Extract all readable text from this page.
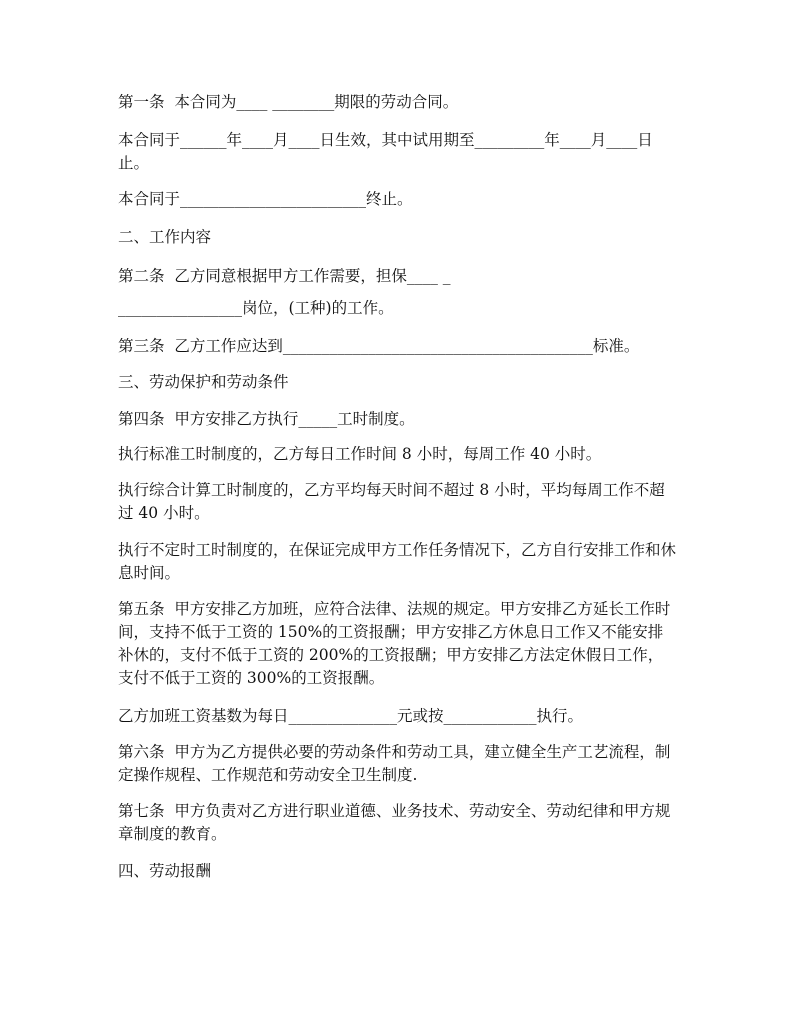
第一条  本合同为____ ________期限的劳动合同。

本合同于______年____月____日生效，其中试用期至_________年____月____日止。

本合同于________________________终止。

二、工作内容

第二条  乙方同意根据甲方工作需要，担保____ _

________________岗位，(工种)的工作。

第三条  乙方工作应达到________________________________________标准。

三、劳动保护和劳动条件

第四条  甲方安排乙方执行_____工时制度。

执行标准工时制度的，乙方每日工作时间 8 小时，每周工作 40 小时。

执行综合计算工时制度的，乙方平均每天时间不超过 8 小时，平均每周工作不超过 40 小时。

执行不定时工时制度的，在保证完成甲方工作任务情况下，乙方自行安排工作和休息时间。

第五条  甲方安排乙方加班，应符合法律、法规的规定。甲方安排乙方延长工作时间，支持不低于工资的 150%的工资报酬；甲方安排乙方休息日工作又不能安排补休的，支付不低于工资的 200%的工资报酬；甲方安排乙方法定休假日工作，支付不低于工资的 300%的工资报酬。

乙方加班工资基数为每日______________元或按____________执行。

第六条  甲方为乙方提供必要的劳动条件和劳动工具，建立健全生产工艺流程，制定操作规程、工作规范和劳动安全卫生制度.

第七条  甲方负责对乙方进行职业道德、业务技术、劳动安全、劳动纪律和甲方规章制度的教育。

四、劳动报酬
